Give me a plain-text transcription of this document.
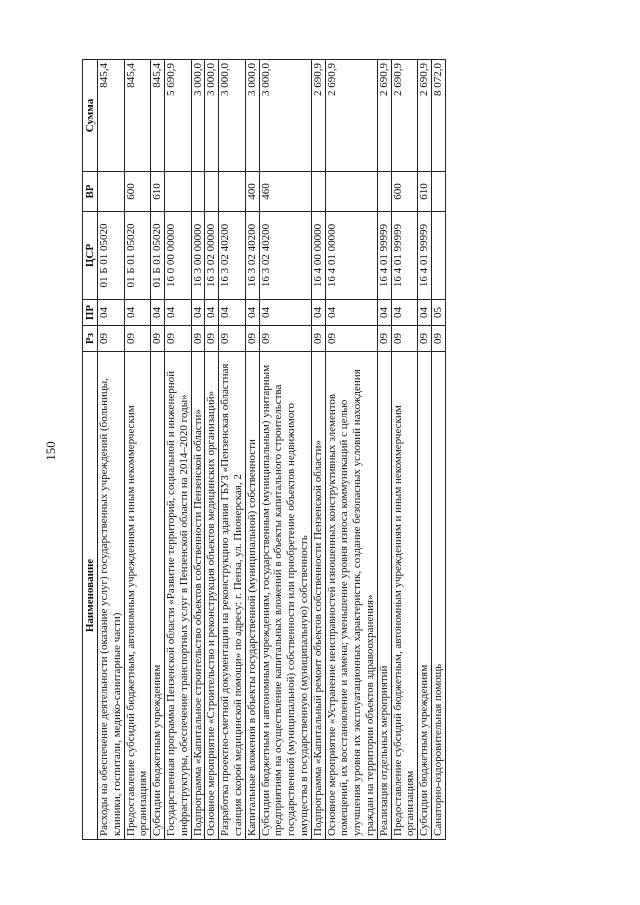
150
Наименование	Рз	ПР	ЦСР	ВР	Сумма
Расходы на обеспечение деятельности (оказание услуг) государственных учреждений (больницы, клиники, госпитали, медико-санитарные части)	09	04	01 Б 01 05020		845,4
Предоставление субсидий бюджетным, автономным учреждениям и иным некоммерческим организациям	09	04	01 Б 01 05020	600	845,4
Субсидии бюджетным учреждениям	09	04	01 Б 01 05020	610	845,4
Государственная программа Пензенской области «Развитие территорий, социальной и инженерной инфраструктуры, обеспечение транспортных услуг в Пензенской области на 2014–2020 годы»	09	04	16 0 00 00000		5 690,9
Подпрограмма «Капитальное строительство объектов собственности Пензенской области»	09	04	16 3 00 00000		3 000,0
Основное мероприятие «Строительство и реконструкция объектов медицинских организаций»	09	04	16 3 02 00000		3 000,0
Разработка проектно-сметной документации на реконструкцию здания ГБУЗ «Пензенская областная станция скорой медицинской помощи» по адресу: г. Пенза, ул. Пионерская, 2	09	04	16 3 02 40200		3 000,0
Капитальные вложения в объекты государственной (муниципальной) собственности	09	04	16 3 02 40200	400	3 000,0
Субсидии бюджетным и автономным учреждениям, государственным (муниципальным) унитарным предприятиям на осуществление капитальных вложений в объекты капитального строительства государственной (муниципальной) собственности или приобретение объектов недвижимого имущества в государственную (муниципальную) собственность	09	04	16 3 02 40200	460	3 000,0
Подпрограмма «Капитальный ремонт объектов собственности Пензенской области»	09	04	16 4 00 00000		2 690,9
Основное мероприятие «Устранение неисправностей изношенных конструктивных элементов помещений, их восстановление и замена; уменьшение уровня износа коммуникаций с целью улучшения уровня их эксплуатационных характеристик, создание безопасных условий нахождения граждан на территории объектов здравоохранения»	09	04	16 4 01 00000		2 690,9
Реализация отдельных мероприятий	09	04	16 4 01 99999		2 690,9
Предоставление субсидий бюджетным, автономным учреждениям и иным некоммерческим организациям	09	04	16 4 01 99999	600	2 690,9
Субсидии бюджетным учреждениям	09	04	16 4 01 99999	610	2 690,9
Санаторно-оздоровительная помощь	09	05			8 072,0
